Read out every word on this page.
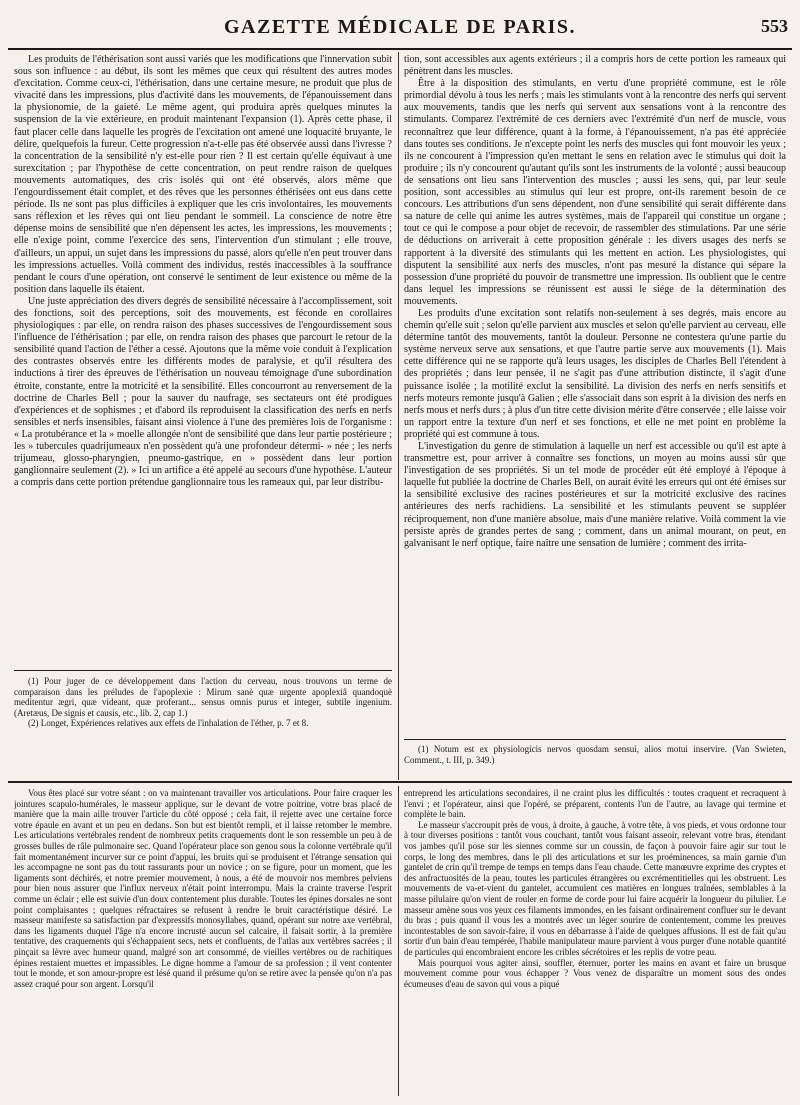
GAZETTE MÉDICALE DE PARIS.	553

Les produits de l'éthérisation sont aussi variés que les modifications que l'innervation subit sous son influence : au début, ils sont les mêmes que ceux qui résultent des autres modes d'excitation. Comme ceux-ci, l'éthérisation, dans une certaine mesure, ne produit que plus de vivacité dans les impressions, plus d'activité dans les mouvements, de l'épanouissement dans la physionomie, de la gaieté. Le même agent, qui produira après quelques minutes la suspension de la vie extérieure, en produit maintenant l'expansion (1). Après cette phase, il faut placer celle dans laquelle les progrès de l'excitation ont amené une loquacité bruyante, le délire, quelquefois la fureur. Cette progression n'a-t-elle pas été observée aussi dans l'ivresse ? la concentration de la sensibilité n'y est-elle pour rien ? Il est certain qu'elle équivaut à une surexcitation ; par l'hypothèse de cette concentration, on peut rendre raison de quelques mouvements automatiques, des cris isolés qui ont été observés, alors même que l'engourdissement était complet, et des rêves que les personnes éthérisées ont eus dans cette période. Ils ne sont pas plus difficiles à expliquer que les cris involontaires, les mouvements sans réflexion et les rêves qui ont lieu pendant le sommeil. La conscience de notre être dépense moins de sensibilité que n'en dépensent les actes, les impressions, les mouvements ; elle n'exige point, comme l'exercice des sens, l'intervention d'un stimulant ; elle trouve, d'ailleurs, un appui, un sujet dans les impressions du passé, alors qu'elle n'en peut trouver dans les impressions actuelles. Voilà comment des individus, restés inaccessibles à la souffrance pendant le cours d'une opération, ont conservé le sentiment de leur existence ou même de la position dans laquelle ils étaient.

Une juste appréciation des divers degrés de sensibilité nécessaire à l'accomplissement, soit des fonctions, soit des perceptions, soit des mouvements, est féconde en corollaires physiologiques : par elle, on rendra raison des phases successives de l'engourdissement sous l'influence de l'éthérisation ; par elle, on rendra raison des phases que parcourt le retour de la sensibilité quand l'action de l'éther a cessé. Ajoutons que la même voie conduit à l'explication des contrastes observés entre les différents modes de paralysie, et qu'il résultera des inductions à tirer des épreuves de l'éthérisation un nouveau témoignage d'une subordination étroite, constante, entre la motricité et la sensibilité. Elles concourront au renversement de la doctrine de Charles Bell ; pour la sauver du naufrage, ses sectateurs ont été prodigues d'expériences et de sophismes ; et d'abord ils reproduisent la classification des nerfs en nerfs sensibles et nerfs insensibles, faisant ainsi violence à l'une des premières lois de l'organisme : « La protubérance et la » moelle allongée n'ont de sensibilité que dans leur partie postérieure ; les » tubercules quadrijumeaux n'en possèdent qu'à une profondeur détermi- » née ; les nerfs trijumeau, glosso-pharyngien, pneumo-gastrique, en » possèdent dans leur portion ganglionnaire seulement (2). » Ici un artifice a été appelé au secours d'une hypothèse. L'auteur a compris dans cette portion prétendue ganglionnaire tous les rameaux qui, par leur distribu-

(1) Pour juger de ce développement dans l'action du cerveau, nous trouvons un terme de comparaison dans les préludes de l'apoplexie : Mirum sanè quæ urgente apoplexiâ quandoquè meditentur ægri, quæ videant, quæ proferant... sensus omnis purus et integer, subtile ingenium. (Aretæus, De signis et causis, etc., lib. 2, cap 1.)

(2) Longet, Expériences relatives aux effets de l'inhalation de l'éther, p. 7 et 8.

tion, sont accessibles aux agents extérieurs ; il a compris hors de cette portion les rameaux qui pénètrent dans les muscles.

Être à la disposition des stimulants, en vertu d'une propriété commune, est le rôle primordial dévolu à tous les nerfs ; mais les stimulants vont à la rencontre des nerfs qui servent aux mouvements, tandis que les nerfs qui servent aux sensations vont à la rencontre des stimulants. Comparez l'extrémité de ces derniers avec l'extrémité d'un nerf de muscle, vous reconnaîtrez que leur différence, quant à la forme, à l'épanouissement, n'a pas été appréciée dans toutes ses conditions. Je n'excepte point les nerfs des muscles qui font mouvoir les yeux ; ils ne concourent à l'impression qu'en mettant le sens en relation avec le stimulus qui doit la produire ; ils n'y concourent qu'autant qu'ils sont les instruments de la volonté ; aussi beaucoup de sensations ont lieu sans l'intervention des muscles ; aussi les sens, qui, par leur seule position, sont accessibles au stimulus qui leur est propre, ont-ils rarement besoin de ce concours. Les attributions d'un sens dépendent, non d'une sensibilité qui serait différente dans sa nature de celle qui anime les autres systèmes, mais de l'appareil qui constitue un organe ; tout ce qui le compose a pour objet de recevoir, de rassembler des stimulations. Par une série de déductions on arriverait à cette proposition générale : les divers usages des nerfs se rapportent à la diversité des stimulants qui les mettent en action. Les physiologistes, qui disputent la sensibilité aux nerfs des muscles, n'ont pas mesuré la distance qui sépare la possession d'une propriété du pouvoir de transmettre une impression. Ils oublient que le centre dans lequel les impressions se réunissent est aussi le siége de la détermination des mouvements.

Les produits d'une excitation sont relatifs non-seulement à ses degrés, mais encore au chemin qu'elle suit ; selon qu'elle parvient aux muscles et selon qu'elle parvient au cerveau, elle détermine tantôt des mouvements, tantôt la douleur. Personne ne contestera qu'une partie du système nerveux serve aux sensations, et que l'autre partie serve aux mouvements (1). Mais cette différence qui ne se rapporte qu'à leurs usages, les disciples de Charles Bell l'étendent à des propriétés ; dans leur pensée, il ne s'agit pas d'une attribution distincte, il s'agit d'une puissance isolée ; la motilité exclut la sensibilité. La division des nerfs en nerfs sensitifs et nerfs moteurs remonte jusqu'à Galien ; elle s'associait dans son esprit à la division des nerfs en nerfs mous et nerfs durs ; à plus d'un titre cette division mérite d'être conservée ; elle laisse voir un rapport entre la texture d'un nerf et ses fonctions, et elle ne met point en problème la propriété qui est commune à tous.

L'investigation du genre de stimulation à laquelle un nerf est accessible ou qu'il est apte à transmettre est, pour arriver à connaître ses fonctions, un moyen au moins aussi sûr que l'investigation de ses propriétés. Si un tel mode de procéder eût été employé à l'époque à laquelle fut publiée la doctrine de Charles Bell, on aurait évité les erreurs qui ont été émises sur la sensibilité exclusive des racines postérieures et sur la motricité exclusive des racines antérieures des nerfs rachidiens. La sensibilité et les stimulants peuvent se suppléer réciproquement, non d'une manière absolue, mais d'une manière relative. Voilà comment la vie persiste après de grandes pertes de sang ; comment, dans un animal mourant, on peut, en galvanisant le nerf optique, faire naître une sensation de lumière ; comment des irrita-

(1) Notum est ex physiologicis nervos quosdam sensui, alios motui inservire. (Van Swieten, Comment., t. III, p. 349.)

Vous êtes placé sur votre séant : on va maintenant travailler vos articulations. Pour faire craquer les jointures scapulo-humérales, le masseur applique, sur le devant de votre poitrine, votre bras placé de manière que la main aille trouver l'article du côté opposé ; cela fait, il rejette avec une certaine force votre épaule en avant et un peu en dedans. Son but est bientôt rempli, et il laisse retomber le membre. Les articulations vertébrales rendent de nombreux petits craquements dont le son ressemble un peu à de grosses bulles de râle pulmonaire sec. Quand l'opérateur place son genou sous la colonne vertébrale qu'il fait momentanément incurver sur ce point d'appui, les bruits qui se produisent et l'étrange sensation qui les accompagne ne sont pas du tout rassurants pour un novice ; on se figure, pour un moment, que les ligaments sont déchirés, et notre premier mouvement, à nous, a été de mouvoir nos membres pelviens pour bien nous assurer que l'influx nerveux n'était point interrompu. Mais la crainte traverse l'esprit comme un éclair ; elle est suivie d'un doux contentement plus durable. Toutes les épines dorsales ne sont point complaisantes ; quelques réfractaires se refusent à rendre le bruit caractéristique désiré. Le masseur manifeste sa satisfaction par d'expressifs monosyllabes, quand, opérant sur notre axe vertébral, dans les ligaments duquel l'âge n'a encore incrusté aucun sel calcaire, il faisait sortir, à la première tentative, des craquements qui s'échappaient secs, nets et confluents, de l'atlas aux vertèbres sacrées ; il pinçait sa lèvre avec humeur quand, malgré son art consommé, de vieilles vertèbres ou de rachitiques épines restaient muettes et impassibles. Le digne homme a l'amour de sa profession ; il vent contenter tout le monde, et son amour-propre est lésé quand il présume qu'on se retire avec la pensée qu'on n'a pas assez craqué pour son argent. Lorsqu'il

entreprend les articulations secondaires, il ne craint plus les difficultés : toutes craquent et recraquent à l'envi ; et l'opérateur, ainsi que l'opéré, se préparent, contents l'un de l'autre, au lavage qui termine et complète le bain.

Le masseur s'accroupit près de vous, à droite, à gauche, à votre tête, à vos pieds, et vous ordonne tour à tour diverses positions : tantôt vous couchant, tantôt vous faisant asseoir, relevant votre bras, étendant vos jambes qu'il pose sur les siennes comme sur un coussin, de façon à pouvoir faire agir sur tout le corps, le long des membres, dans le pli des articulations et sur les proéminences, sa main garnie d'un gantelet de crin qu'il trempe de temps en temps dans l'eau chaude. Cette manœuvre exprime des cryptes et des anfractuosités de la peau, toutes les particules étrangères ou excrémentitielles qui les obstruent. Les mouvements de va-et-vient du gantelet, accumulent ces matières en longues traînées, semblables à la masse pilulaire qu'on vient de rouler en forme de corde pour lui faire acquérir la longueur du pilulier. Le masseur amène sous vos yeux ces filaments immondes, en les faisant ordinairement confluer sur le devant du bras ; puis quand il vous les a montrés avec un léger sourire de contentement, comme les preuves incontestables de son savoir-faire, il vous en débarrasse à l'aide de quelques affusions. Il est de fait qu'au sortir d'un bain d'eau tempérée, l'habile manipulateur maure parvient à vous purger d'une notable quantité de particules qui encombraient encore les cribles sécrétoires et les replis de votre peau.

Mais pourquoi vous agiter ainsi, souffler, éternuer, porter les mains en avant et faire un brusque mouvement comme pour vous échapper ? Vous venez de disparaître un moment sous des ondes écumeuses d'eau de savon qui vous a piqué
